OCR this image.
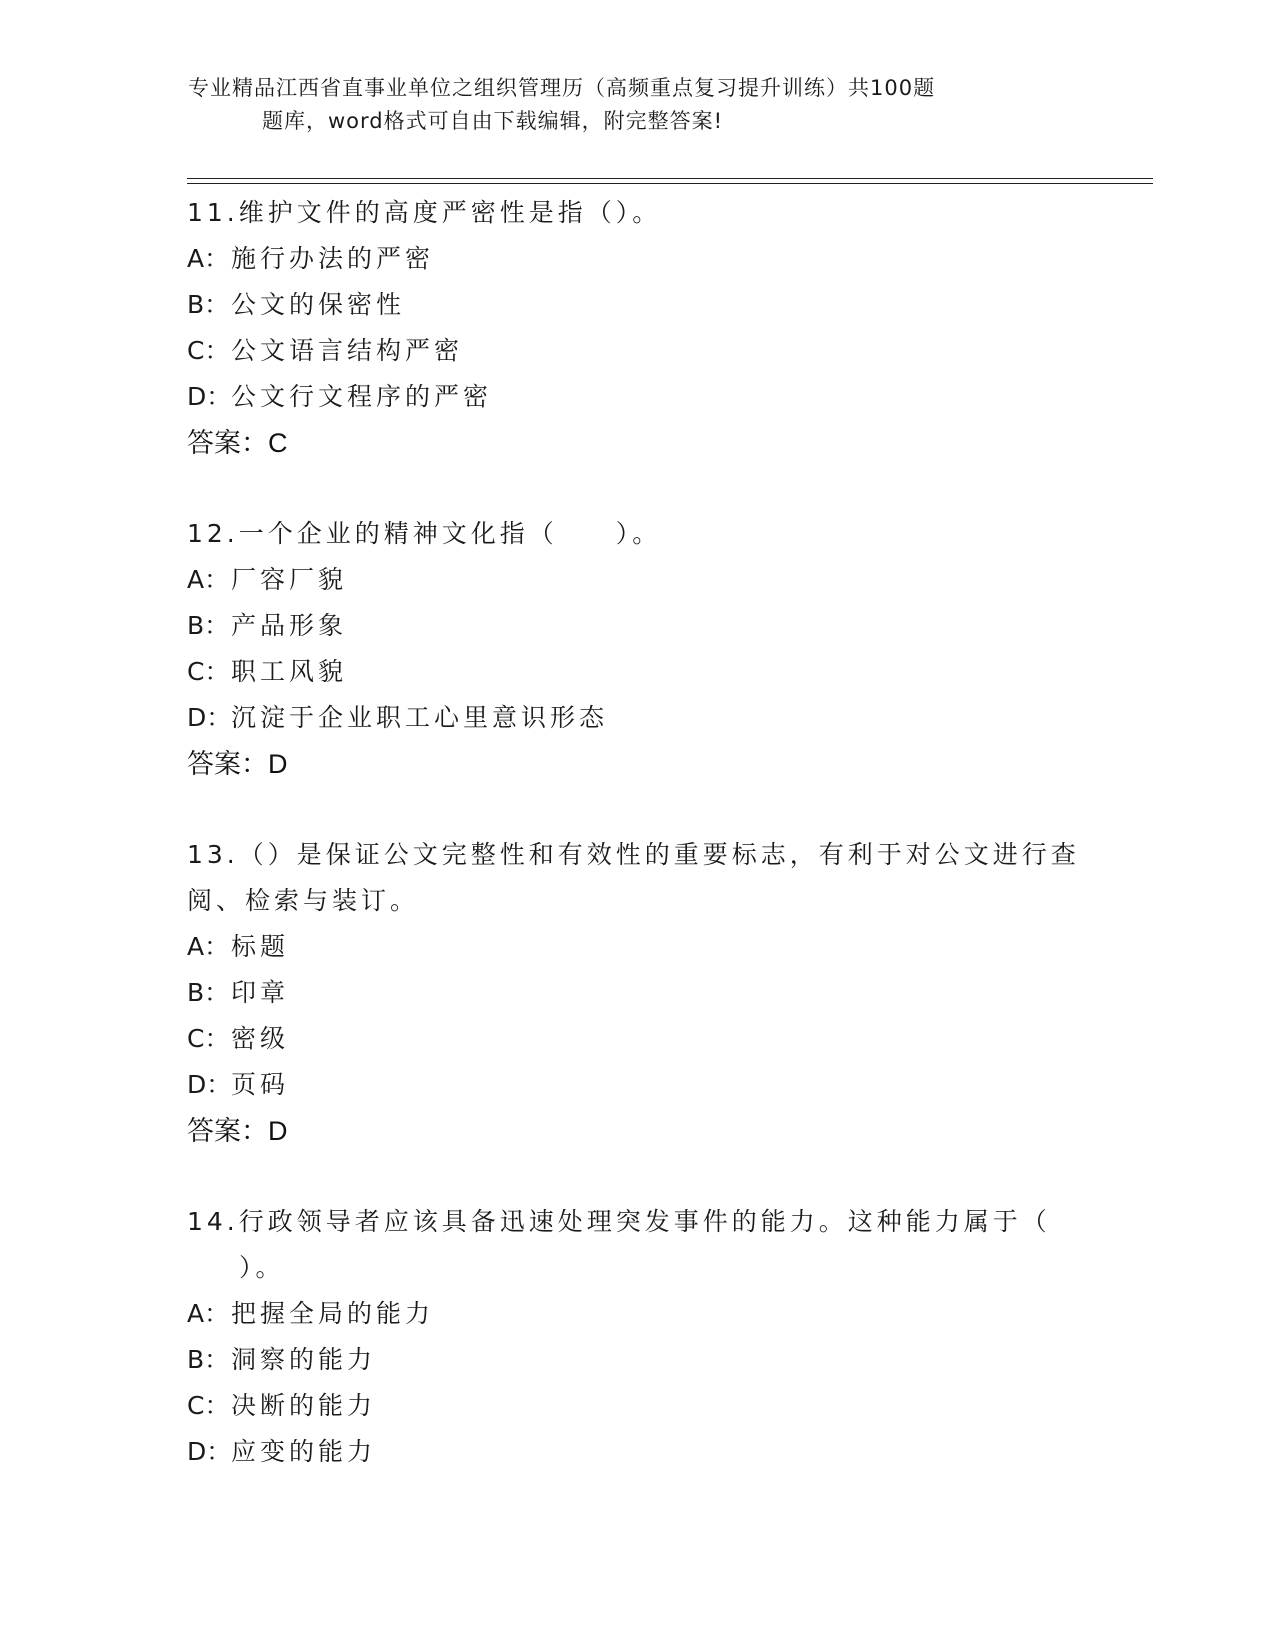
专业精品江西省直事业单位之组织管理历（高频重点复习提升训练）共100题
题库，word格式可自由下载编辑，附完整答案!
11.维护文件的高度严密性是指（）。
A：施行办法的严密
B：公文的保密性
C：公文语言结构严密
D：公文行文程序的严密
答案：C
12.一个企业的精神文化指（　　）。
A：厂容厂貌
B：产品形象
C：职工风貌
D：沉淀于企业职工心里意识形态
答案：D
13.（）是保证公文完整性和有效性的重要标志，有利于对公文进行查
阅、检索与装订。
A：标题
B：印章
C：密级
D：页码
答案：D
14.行政领导者应该具备迅速处理突发事件的能力。这种能力属于（
）。
A：把握全局的能力
B：洞察的能力
C：决断的能力
D：应变的能力
